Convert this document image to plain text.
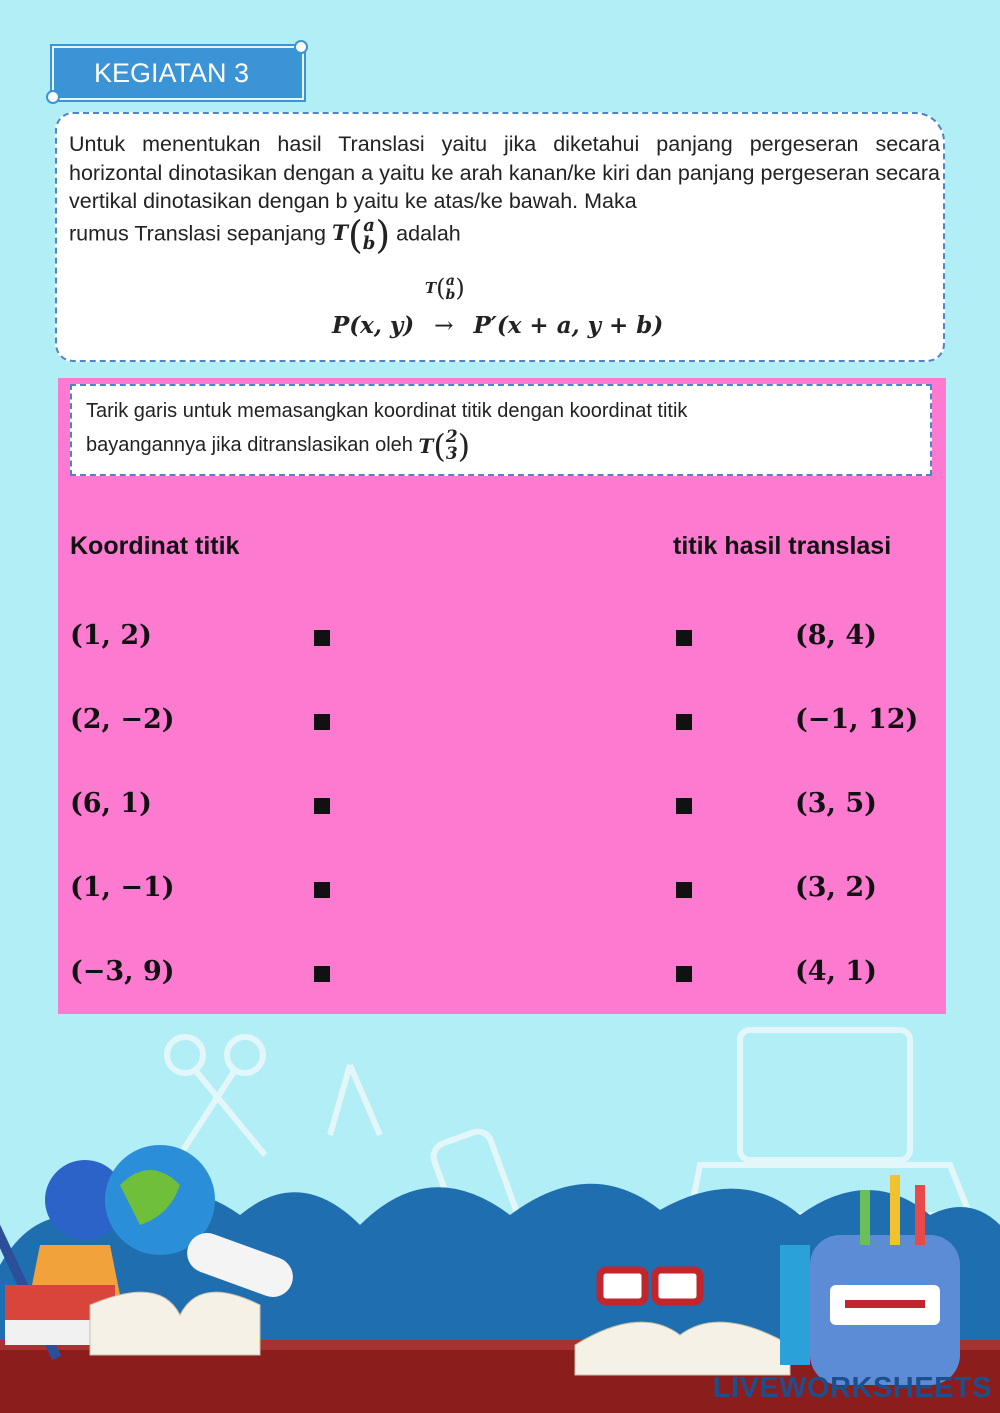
KEGIATAN 3
Untuk menentukan hasil Translasi yaitu jika diketahui panjang pergeseran secara horizontal dinotasikan dengan a yaitu ke arah kanan/ke kiri dan panjang pergeseran secara vertikal dinotasikan dengan b yaitu ke atas/ke bawah. Maka
rumus Translasi sepanjang T ( a
b ) adalah
T ( a
b )
P(x, y) → P′(x + a, y + b)
Tarik garis untuk memasangkan koordinat titik dengan koordinat titik
bayangannya jika ditranslasikan oleh T ( 2
3 )
Koordinat titik	titik hasil translasi
(1, 2)	(8, 4)
(2, −2)	(−1, 12)
(6, 1)	(3, 5)
(1, −1)	(3, 2)
(−3, 9)	(4, 1)
LIVEWORKSHEETS
